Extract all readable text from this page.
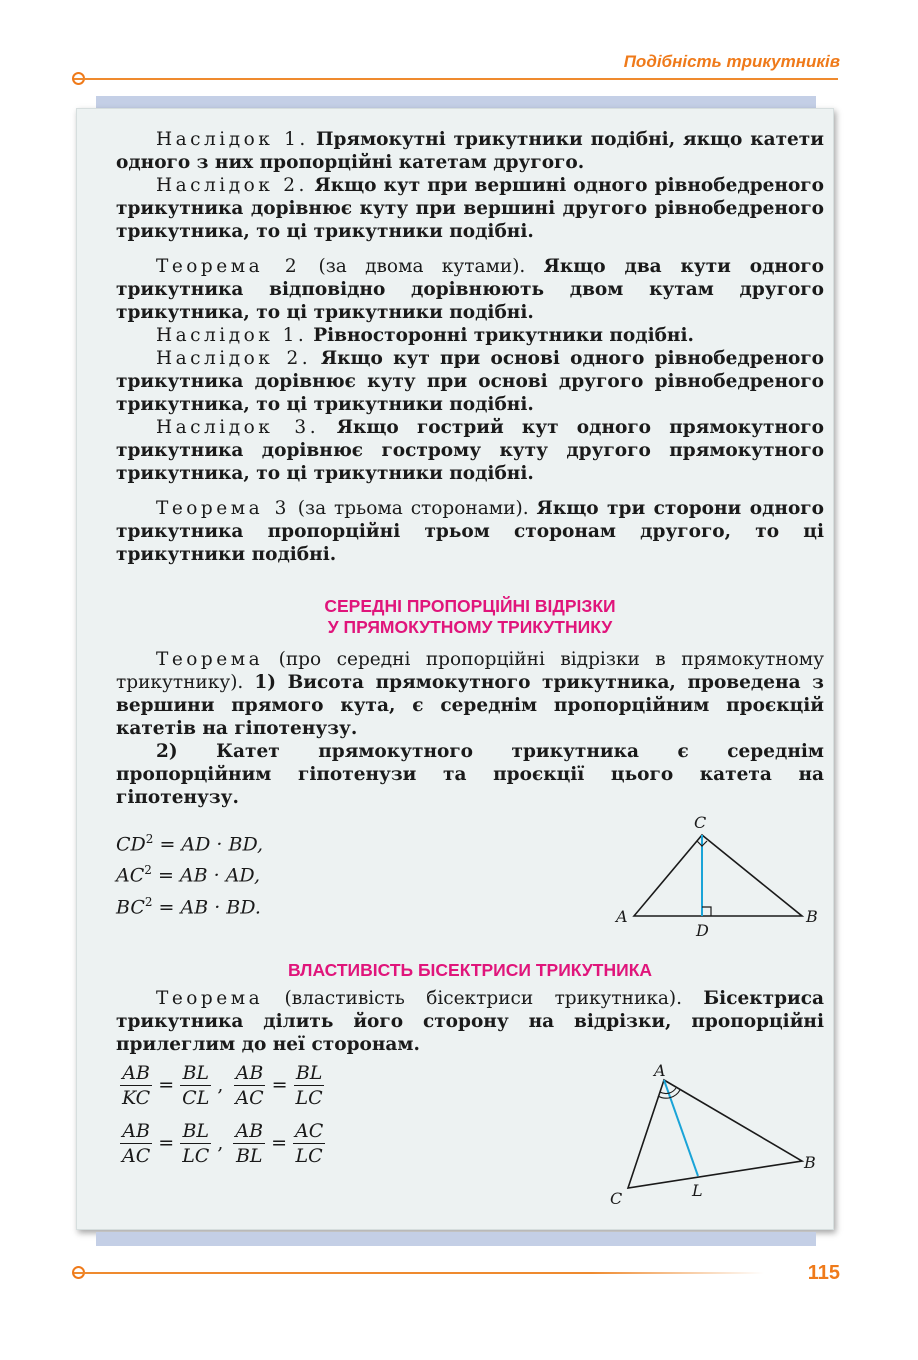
Подібність трикутників

Наслідок 1. Прямокутні трикутники подібні, якщо катети одного з них пропорційні катетам другого.

Наслідок 2. Якщо кут при вершині одного рівнобедреного трикутника дорівнює куту при вершині другого рівнобедреного трикутника, то ці трикутники подібні.

Теорема 2 (за двома кутами). Якщо два кути одного трикутника відповідно дорівнюють двом кутам другого трикутника, то ці трикутники подібні.

Наслідок 1. Рівносторонні трикутники подібні.

Наслідок 2. Якщо кут при основі одного рівнобедреного трикутника дорівнює куту при основі другого рівнобедреного трикутника, то ці трикутники подібні.

Наслідок 3. Якщо гострий кут одного прямокутного трикутника дорівнює гострому куту другого прямокутного трикутника, то ці трикутники подібні.

Теорема 3 (за трьома сторонами). Якщо три сторони одного трикутника пропорційні трьом сторонам другого, то ці трикутники подібні.

СЕРЕДНІ ПРОПОРЦІЙНІ ВІДРІЗКИ
У ПРЯМОКУТНОМУ ТРИКУТНИКУ

Теорема (про середні пропорційні відрізки в прямокутному трикутнику). 1) Висота прямокутного трикутника, проведена з вершини прямого кута, є середнім пропорційним проєкцій катетів на гіпотенузу.

2) Катет прямокутного трикутника є середнім пропорційним гіпотенузи та проєкції цього катета на гіпотенузу.

$CD^2$ = AD · BD,
$AC^2$ = AB · AD,
$BC^2$ = AB · BD.	A
C
B
D
ВЛАСТИВІСТЬ БІСЕКТРИСИ ТРИКУТНИКА

Теорема (властивість бісектриси трикутника). Бісектриса трикутника ділить його сторону на відрізки, пропорційні прилеглим до неї сторонам.

$\frac{AB}{KC} = \frac{BL}{CL}$ , $\frac{AB}{AC} = \frac{BL}{LC}$
$\frac{AB}{AC} = \frac{BL}{LC}$ , $\frac{AB}{BL} = \frac{AC}{LC}$
A
C
B
L
115
